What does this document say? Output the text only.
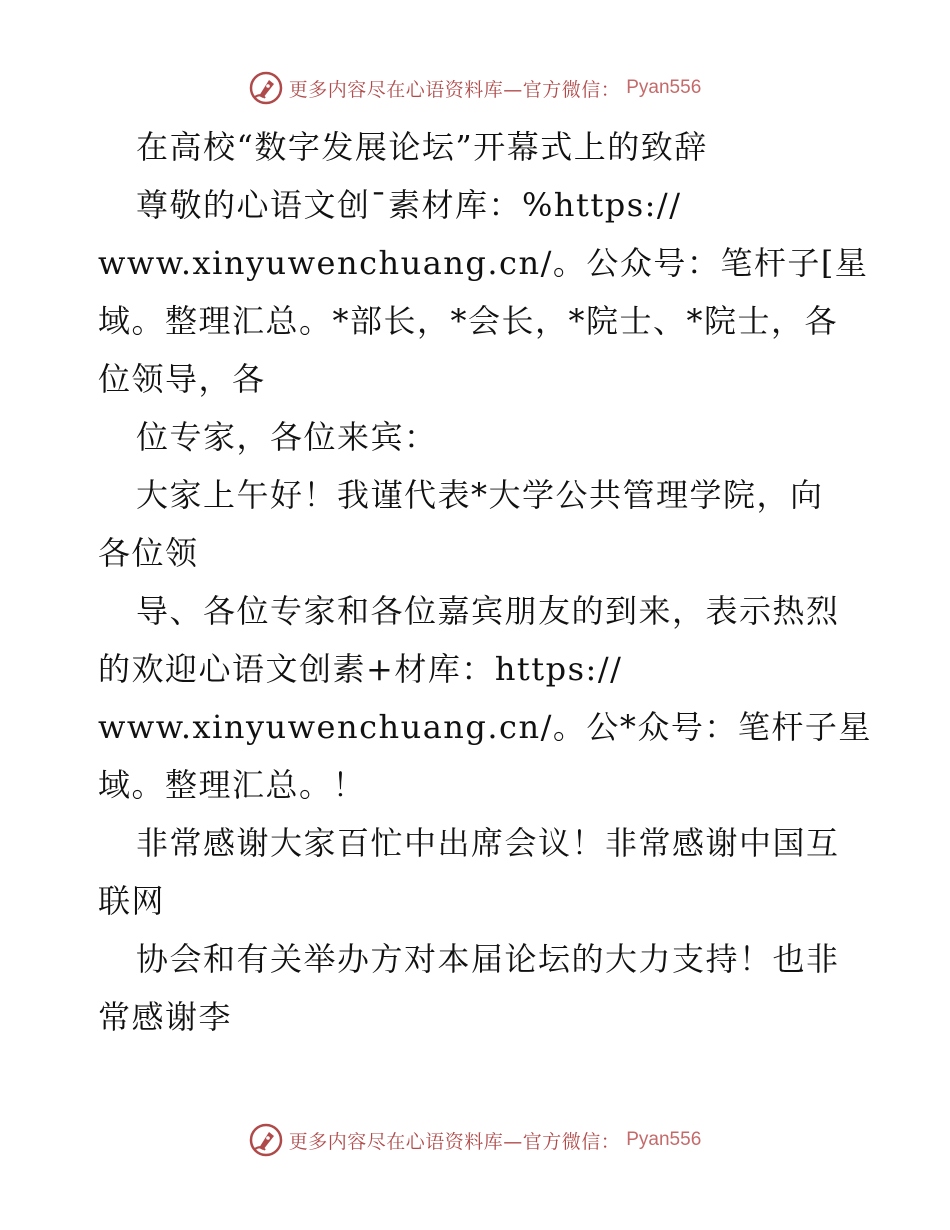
更多内容尽在心语资料库—官方微信： Pyan556

在高校“数字发展论坛”开幕式上的致辞

尊敬的心语文创¯素材库：%https://

www.xinyuwenchuang.cn/。公众号：笔杆子[星

域。整理汇总。*部长，*会长，*院士、*院士，各

位领导，各

位专家，各位来宾：

大家上午好！我谨代表*大学公共管理学院，向

各位领

导、各位专家和各位嘉宾朋友的到来，表示热烈

的欢迎心语文创素+材库：https://

www.xinyuwenchuang.cn/。公*众号：笔杆子星

域。整理汇总。！

非常感谢大家百忙中出席会议！非常感谢中国互

联网

协会和有关举办方对本届论坛的大力支持！也非

常感谢李

更多内容尽在心语资料库—官方微信： Pyan556
